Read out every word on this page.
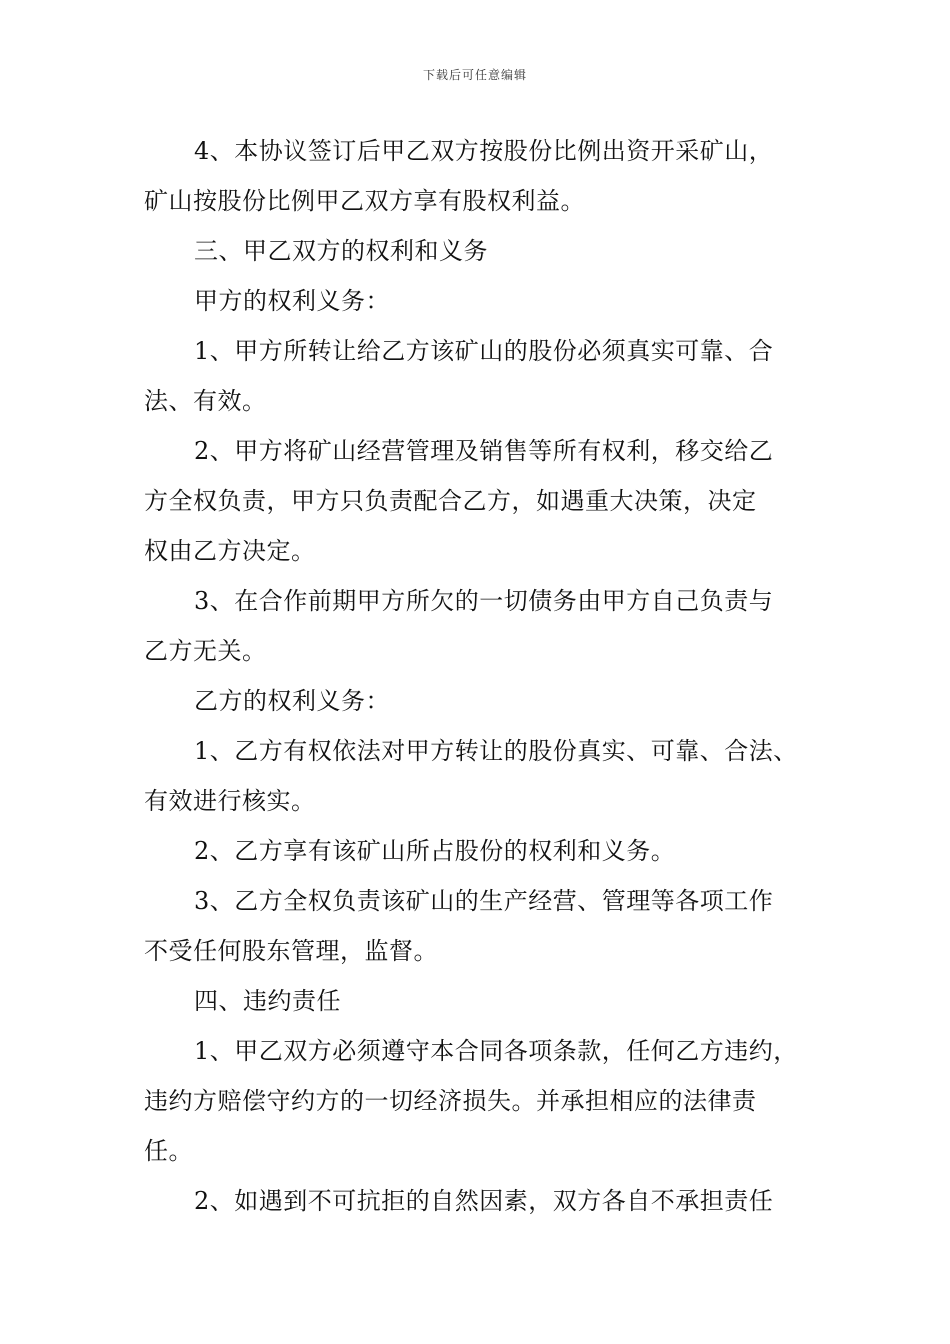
下载后可任意编辑
4、本协议签订后甲乙双方按股份比例出资开采矿山，
矿山按股份比例甲乙双方享有股权利益。
三、甲乙双方的权利和义务
甲方的权利义务：
1、甲方所转让给乙方该矿山的股份必须真实可靠、合
法、有效。
2、甲方将矿山经营管理及销售等所有权利，移交给乙
方全权负责，甲方只负责配合乙方，如遇重大决策，决定
权由乙方决定。
3、在合作前期甲方所欠的一切债务由甲方自己负责与
乙方无关。
乙方的权利义务：
1、乙方有权依法对甲方转让的股份真实、可靠、合法、
有效进行核实。
2、乙方享有该矿山所占股份的权利和义务。
3、乙方全权负责该矿山的生产经营、管理等各项工作
不受任何股东管理，监督。
四、违约责任
1、甲乙双方必须遵守本合同各项条款，任何乙方违约，
违约方赔偿守约方的一切经济损失。并承担相应的法律责
任。
2、如遇到不可抗拒的自然因素，双方各自不承担责任
